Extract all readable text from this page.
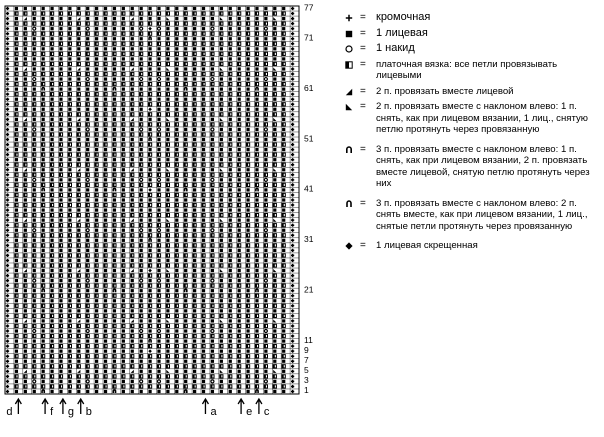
77
71
61
51
41
31
21
11
9
7
5
3
1
d	f g b	a	e c
= кромочная
= 1 лицевая
= 1 накид
= платочная вязка: все петли провязывать лицевыми
= 2 п. провязать вместе лицевой
= 2 п. провязать вместе с наклоном влево: 1 п. снять, как при лицевом вязании, 1 лиц., снятую петлю протянуть через провязанную
= 3 п. провязать вместе с наклоном влево: 1 п. снять, как при лицевом вязании, 2 п. провязать вместе лицевой, снятую петлю протянуть через них
= 3 п. провязать вместе с наклоном влево: 2 п. снять вместе, как при лицевом вязании, 1 лиц., снятые петли протянуть через провязанную
= 1 лицевая скрещенная
